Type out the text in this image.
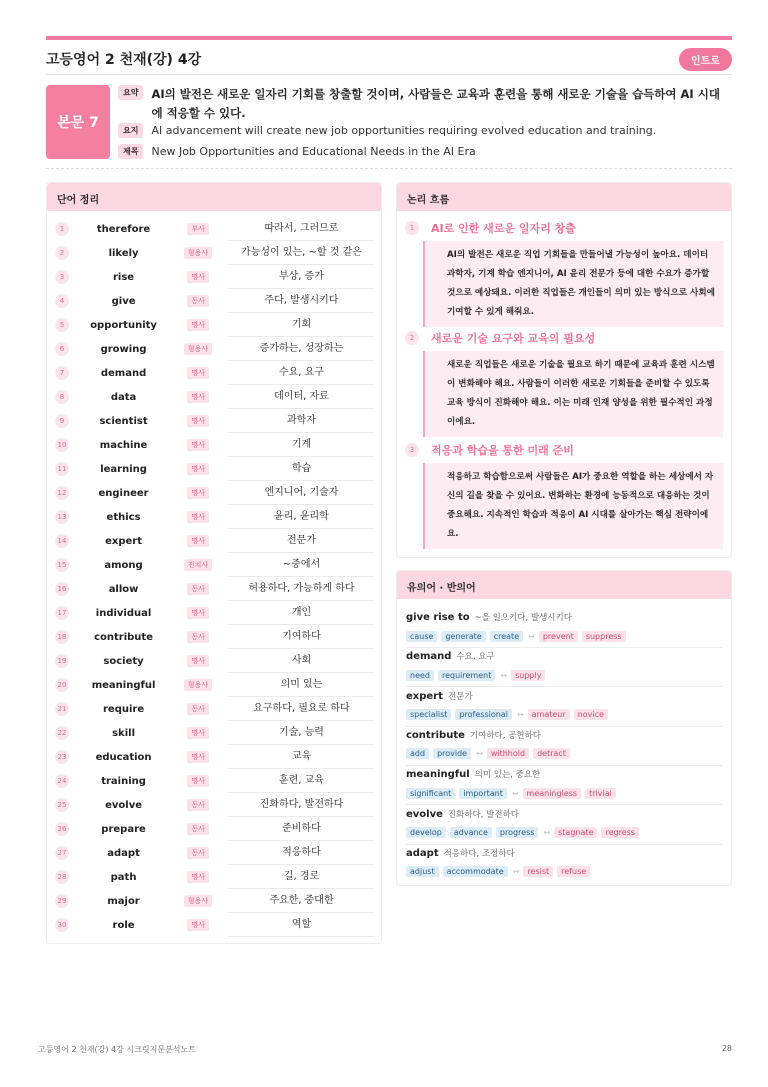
고등영어 2 천재(강) 4강	인트로
본문 7
요약	AI의 발전은 새로운 일자리 기회를 창출할 것이며, 사람들은 교육과 훈련을 통해 새로운 기술을 습득하여 AI 시대에 적응할 수 있다.
요지	AI advancement will create new job opportunities requiring evolved education and training.
제목	New Job Opportunities and Educational Needs in the AI Era
단어 정리
1	therefore	부사	따라서, 그러므로
2	likely	형용사	가능성이 있는, ~할 것 같은
3	rise	명사	부상, 증가
4	give	동사	주다, 발생시키다
5	opportunity	명사	기회
6	growing	형용사	증가하는, 성장하는
7	demand	명사	수요, 요구
8	data	명사	데이터, 자료
9	scientist	명사	과학자
10	machine	명사	기계
11	learning	명사	학습
12	engineer	명사	엔지니어, 기술자
13	ethics	명사	윤리, 윤리학
14	expert	명사	전문가
15	among	전치사	~중에서
16	allow	동사	허용하다, 가능하게 하다
17	individual	명사	개인
18	contribute	동사	기여하다
19	society	명사	사회
20	meaningful	형용사	의미 있는
21	require	동사	요구하다, 필요로 하다
22	skill	명사	기술, 능력
23	education	명사	교육
24	training	명사	훈련, 교육
25	evolve	동사	진화하다, 발전하다
26	prepare	동사	준비하다
27	adapt	동사	적응하다
28	path	명사	길, 경로
29	major	형용사	주요한, 중대한
30	role	명사	역할
논리 흐름
1	AI로 인한 새로운 일자리 창출
AI의 발전은 새로운 직업 기회들을 만들어낼 가능성이 높아요. 데이터 과학자, 기계 학습 엔지니어, AI 윤리 전문가 등에 대한 수요가 증가할 것으로 예상돼요. 이러한 직업들은 개인들이 의미 있는 방식으로 사회에 기여할 수 있게 해줘요.
2	새로운 기술 요구와 교육의 필요성
새로운 직업들은 새로운 기술을 필요로 하기 때문에 교육과 훈련 시스템이 변화해야 해요. 사람들이 이러한 새로운 기회들을 준비할 수 있도록 교육 방식이 진화해야 해요. 이는 미래 인재 양성을 위한 필수적인 과정이에요.
3	적응과 학습을 통한 미래 준비
적응하고 학습함으로써 사람들은 AI가 중요한 역할을 하는 세상에서 자신의 길을 찾을 수 있어요. 변화하는 환경에 능동적으로 대응하는 것이 중요해요. 지속적인 학습과 적응이 AI 시대를 살아가는 핵심 전략이에요.
유의어 · 반의어
give rise to ~을 일으키다, 발생시키다
cause	generate	create	↔	prevent	suppress
demand 수요, 요구
need	requirement	↔	supply
expert 전문가
specialist	professional	↔	amateur	novice
contribute 기여하다, 공헌하다
add	provide	↔	withhold	detract
meaningful 의미 있는, 중요한
significant	important	↔	meaningless	trivial
evolve 진화하다, 발전하다
develop	advance	progress	↔	stagnate	regress
adapt 적응하다, 조정하다
adjust	accommodate	↔	resist	refuse
고등영어 2 천재(강) 4강 시크릿지문분석노트	28
